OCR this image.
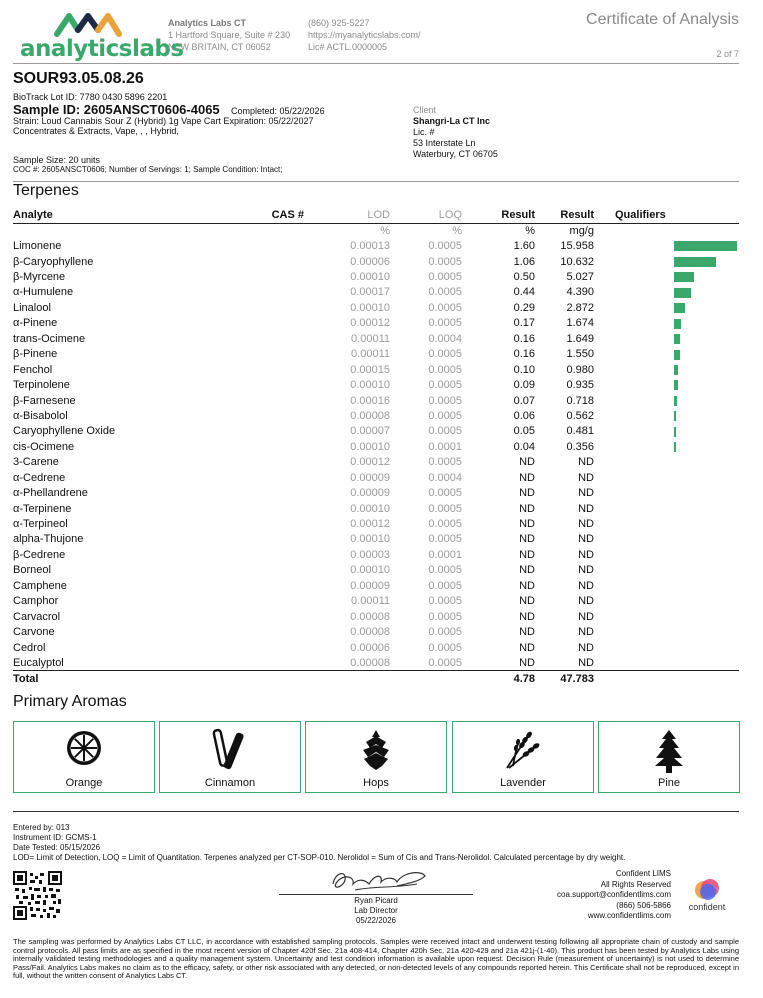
analyticslabs
Analytics Labs CT
1 Hartford Square, Suite # 230
NEW BRITAIN, CT 06052
(860) 925-5227
https://myanalyticslabs.com/
Lic# ACTL.0000005
Certificate of Analysis
2 of 7
SOUR93.05.08.26
BioTrack Lot ID: 7780 0430 5896 2201
Sample ID: 2605ANSCT0606-4065 Completed: 05/22/2026
Strain: Loud Cannabis Sour Z (Hybrid) 1g Vape Cart Expiration: 05/22/2027
Concentrates & Extracts, Vape, , , Hybrid,
Sample Size: 20 units
COC #: 2605ANSCT0606; Number of Servings: 1; Sample Condition: Intact;
Client
Shangri-La CT Inc
Lic. #
53 Interstate Ln
Waterbury, CT 06705
Terpenes
Analyte	CAS #	LOD	LOQ	Result	Result	Qualifiers	
		%	%	%	mg/g		
Limonene		0.00013	0.0005	1.60	15.958		

β-Caryophyllene		0.00006	0.0005	1.06	10.632		

β-Myrcene		0.00010	0.0005	0.50	5.027		

α-Humulene		0.00017	0.0005	0.44	4.390		

Linalool		0.00010	0.0005	0.29	2.872		

α-Pinene		0.00012	0.0005	0.17	1.674		

trans-Ocimene		0.00011	0.0004	0.16	1.649		

β-Pinene		0.00011	0.0005	0.16	1.550		

Fenchol		0.00015	0.0005	0.10	0.980		

Terpinolene		0.00010	0.0005	0.09	0.935		

β-Farnesene		0.00016	0.0005	0.07	0.718		

α-Bisabolol		0.00008	0.0005	0.06	0.562		

Caryophyllene Oxide		0.00007	0.0005	0.05	0.481		

cis-Ocimene		0.00010	0.0001	0.04	0.356		

3-Carene		0.00012	0.0005	ND	ND		
α-Cedrene		0.00009	0.0004	ND	ND		
α-Phellandrene		0.00009	0.0005	ND	ND		
α-Terpinene		0.00010	0.0005	ND	ND		
α-Terpineol		0.00012	0.0005	ND	ND		
alpha-Thujone		0.00010	0.0005	ND	ND		
β-Cedrene		0.00003	0.0001	ND	ND		
Borneol		0.00010	0.0005	ND	ND		
Camphene		0.00009	0.0005	ND	ND		
Camphor		0.00011	0.0005	ND	ND		
Carvacrol		0.00008	0.0005	ND	ND		
Carvone		0.00008	0.0005	ND	ND		
Cedrol		0.00006	0.0005	ND	ND		
Eucalyptol		0.00008	0.0005	ND	ND		
Total				4.78	47.783		
Primary Aromas
Orange	Cinnamon	Hops	Lavender	Pine
Entered by: 013
Instrument ID: GCMS-1
Date Tested: 05/15/2026
LOD= Limit of Detection, LOQ = Limit of Quantitation. Terpenes analyzed per CT-SOP-010. Nerolidol = Sum of Cis and Trans-Nerolidol. Calculated percentage by dry weight.
Ryan Picard
Lab Director
05/22/2026
Confident LIMS
All Rights Reserved
coa.support@confidentlims.com
(866) 506-5866
www.confidentlims.com
confident
The sampling was performed by Analytics Labs CT LLC, in accordance with established sampling protocols. Samples were received intact and underwent testing following all appropriate chain of custody and sample control protocols. All pass limits are as specified in the most recent version of Chapter 420f Sec. 21a 408-414, Chapter 420h Sec. 21a 420-429 and 21a 421j-(1-40). This product has been tested by Analytics Labs using internally validated testing methodologies and a quality management system. Uncertainty and test condition information is available upon request. Decision Rule (measurement of uncertainty) is not used to determine Pass/Fail. Analytics Labs makes no claim as to the efficacy, safety, or other risk associated with any detected, or non-detected levels of any compounds reported herein. This Certificate shall not be reproduced, except in full, without the written consent of Analytics Labs CT.
